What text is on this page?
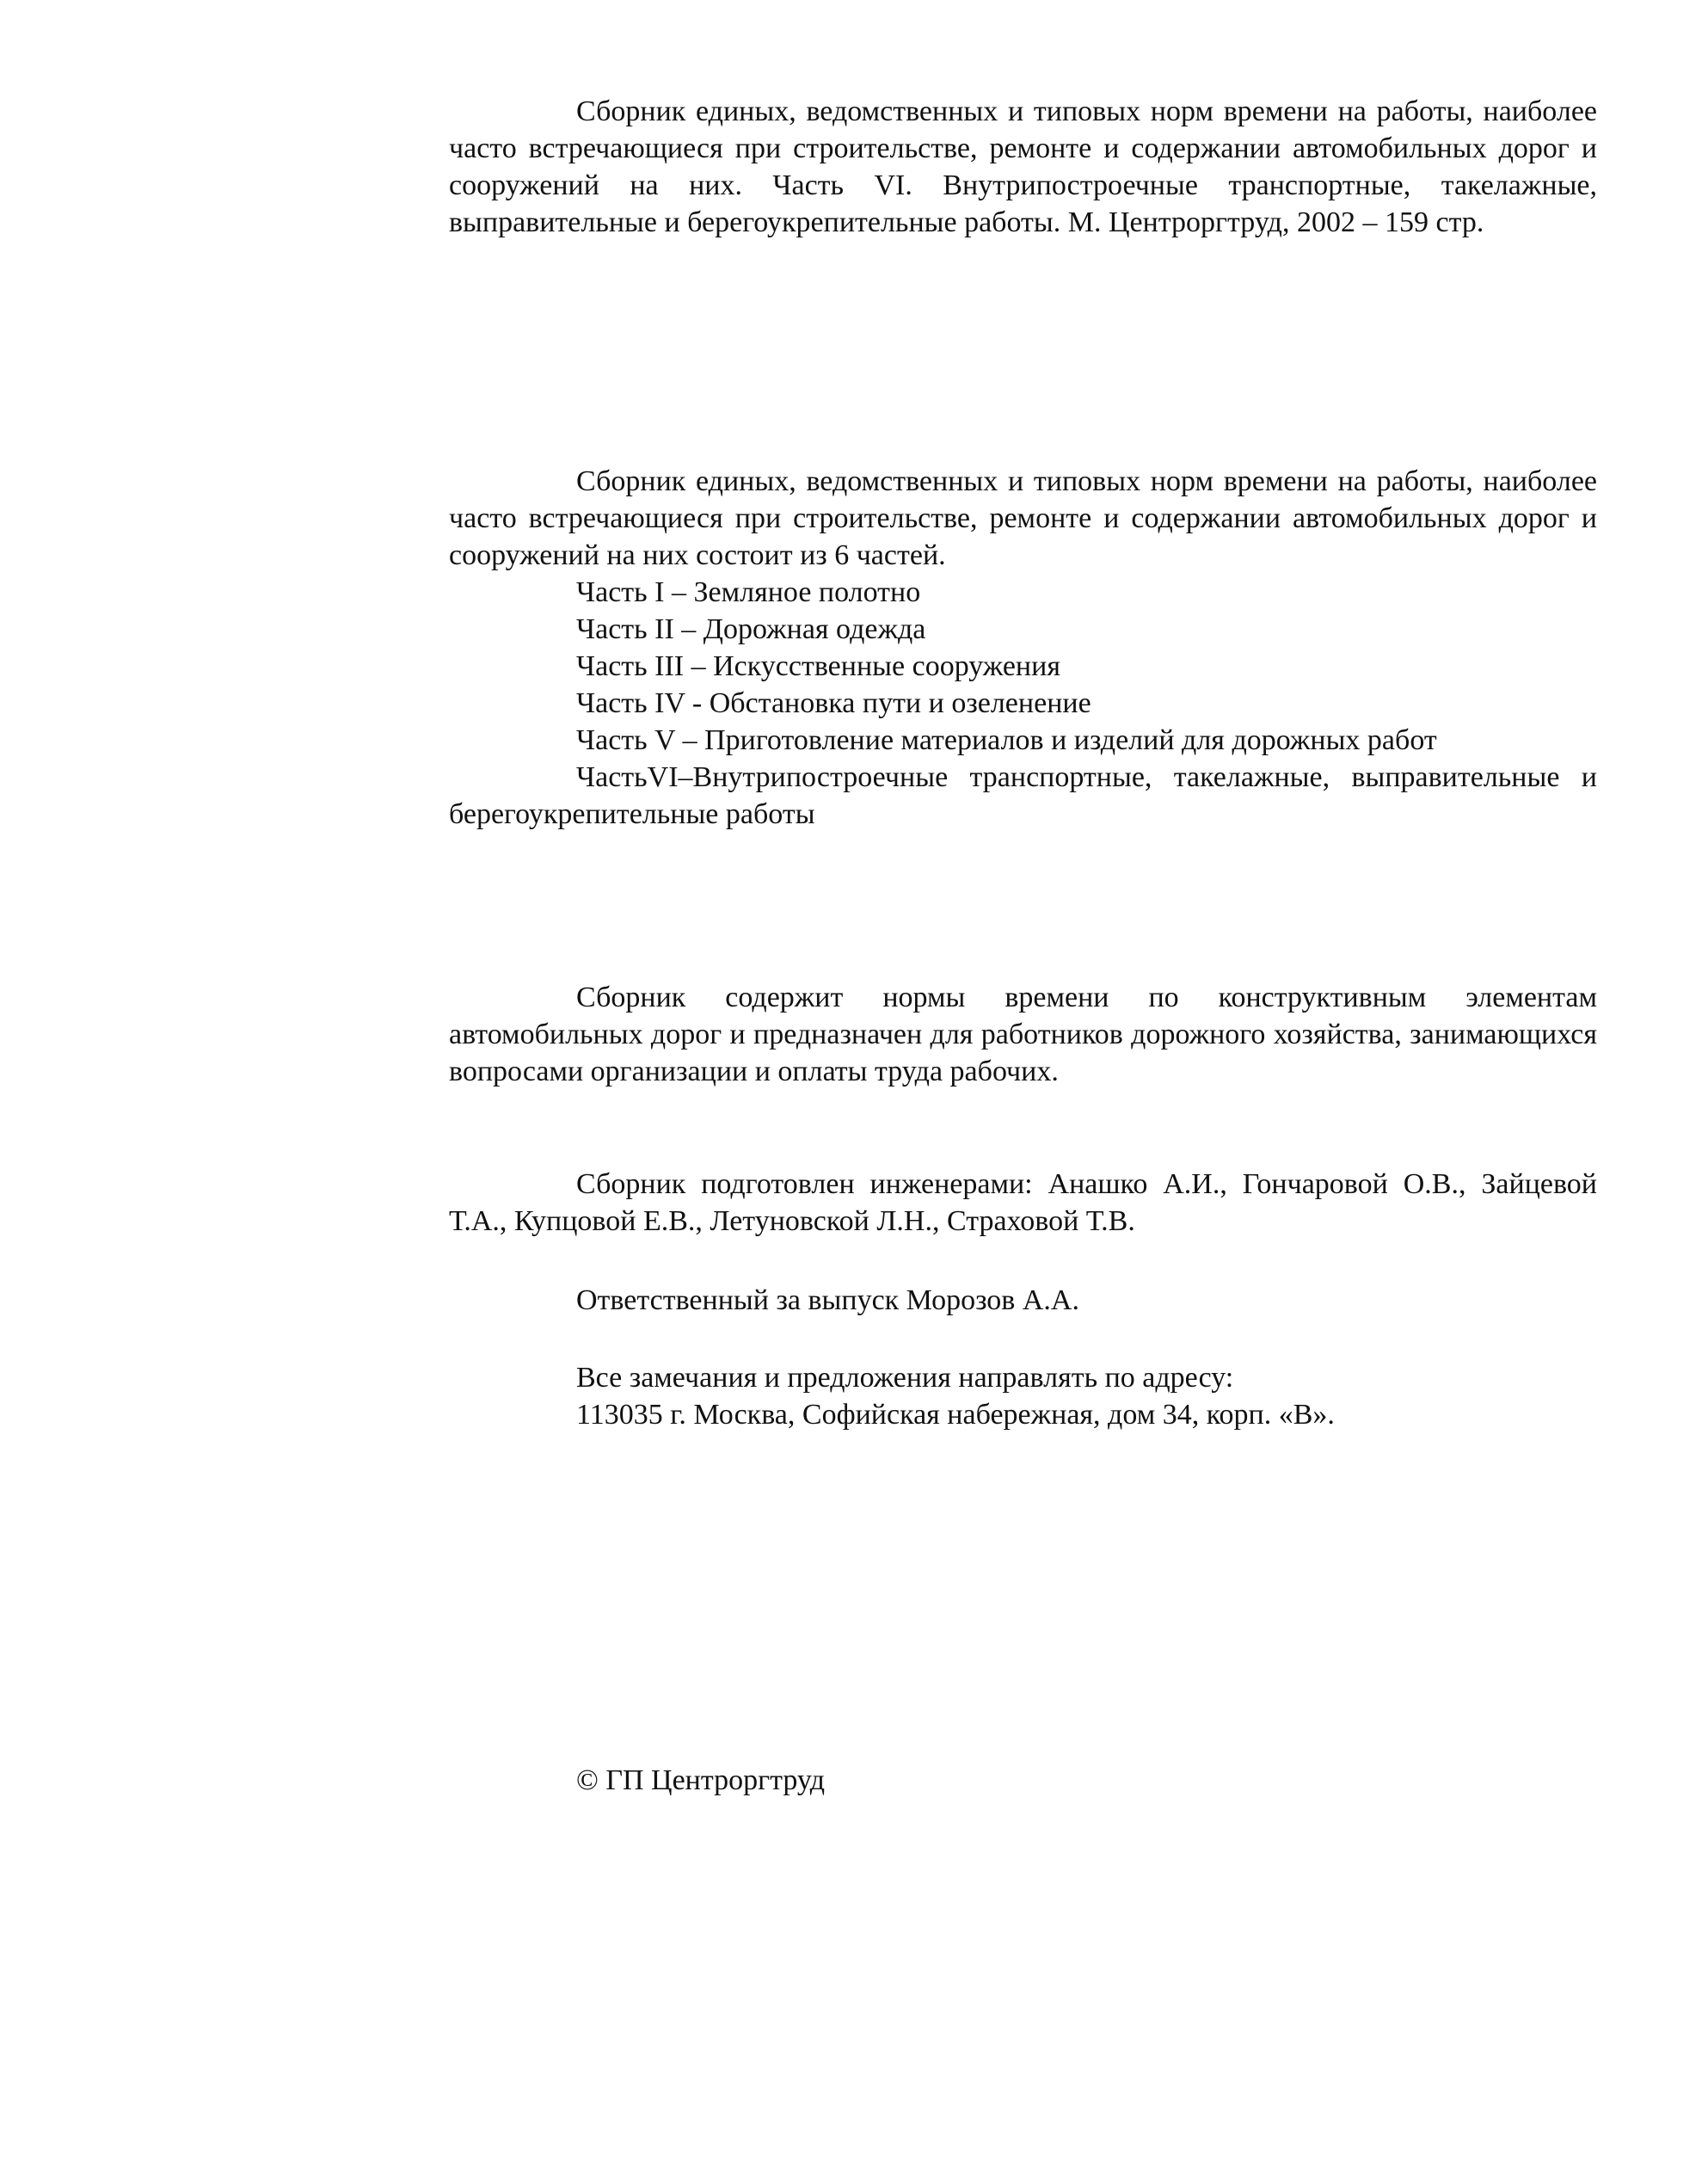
Сборник единых, ведомственных и типовых норм времени на работы, наиболее часто встречающиеся при строительстве, ремонте и содержании автомобильных дорог и сооружений на них. Часть VI. Внутрипостроечные транспортные, такелажные, выправительные и берегоукрепительные работы. М. Центроргтруд, 2002 – 159 стр.

Сборник единых, ведомственных и типовых норм времени на работы, наиболее часто встречающиеся при строительстве, ремонте и содержании автомобильных дорог и сооружений на них состоит из 6 частей.

Часть I – Земляное полотно

Часть II – Дорожная одежда

Часть III – Искусственные сооружения

Часть IV - Обстановка пути и озеленение

Часть V – Приготовление материалов и изделий для дорожных работ

ЧастьVI–Внутрипостроечные транспортные, такелажные, выправительные и берегоукрепительные работы

Сборник содержит нормы времени по конструктивным элементам автомобильных дорог и предназначен для работников дорожного хозяйства, занимающихся вопросами организации и оплаты труда рабочих.

Сборник подготовлен инженерами: Анашко А.И., Гончаровой О.В., Зайцевой Т.А., Купцовой Е.В., Летуновской Л.Н., Страховой Т.В.

Ответственный за выпуск Морозов А.А.

Все замечания и предложения направлять по адресу:

113035 г. Москва, Софийская набережная, дом 34, корп. «В».

© ГП Центроргтруд
